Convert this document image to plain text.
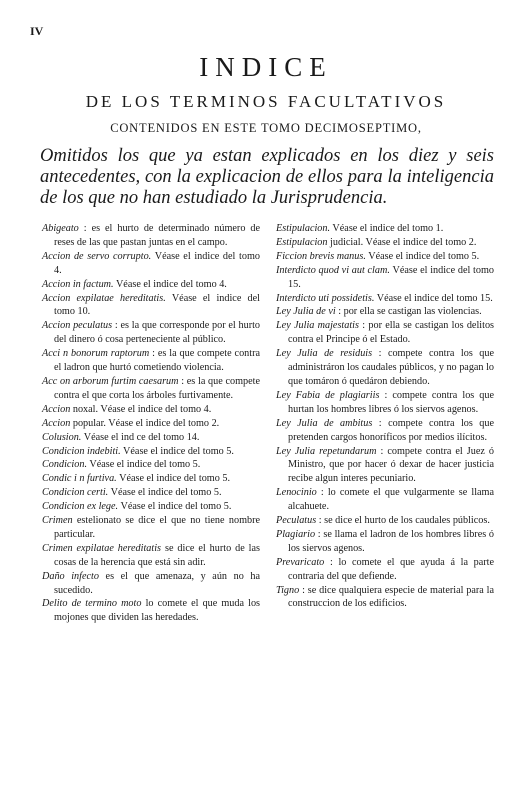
IV
INDICE
DE LOS TERMINOS FACULTATIVOS
CONTENIDOS EN ESTE TOMO DECIMOSEPTIMO,
Omitidos los que ya estan explicados en los diez y seis antecedentes, con la explicacion de ellos para la inteligencia de los que no han estudiado la Jurisprudencia.

Abigeato : es el hurto de determinado número de reses de las que pastan juntas en el campo.

Accion de servo corrupto. Véase el indice del tomo 4.

Accion in factum. Véase el indice del tomo 4.

Accion expilatae hereditatis. Véase el indice del tomo 10.

Accion peculatus : es la que corresponde por el hurto del dinero ó cosa perteneciente al público.

Acci n bonorum raptorum : es la que compete contra el ladron que hurtó cometiendo violencia.

Acc on arborum furtim caesarum : es la que compete contra el que corta los árboles furtivamente.

Accion noxal. Véase el indice del tomo 4.

Accion popular. Véase el indice del tomo 2.

Colusion. Véase el ind ce del tomo 14.

Condicion indebiti. Véase el indice del tomo 5.

Condicion. Véase el indice del tomo 5.

Condic i n furtiva. Véase el indice del tomo 5.

Condicion certi. Véase el indice del tomo 5.

Condicion ex lege. Véase el indice del tomo 5.

Crimen estelionato se dice el que no tiene nombre particular.

Crimen expilatae hereditatis se dice el hurto de las cosas de la herencia que está sin adir.

Daño infecto es el que amenaza, y aún no ha sucedido.

Delito de termino moto lo comete el que muda los mojones que dividen las heredades.

Estipulacion. Véase el indice del tomo 1.

Estipulacion judicial. Véase el indice del tomo 2.

Ficcion brevis manus. Véase el indice del tomo 5.

Interdicto quod vi aut clam. Véase el indice del tomo 15.

Interdicto uti possidetis. Véase el indice del tomo 15.

Ley Julia de vi : por ella se castigan las violencias.

Ley Julia majestatis : por ella se castigan los delitos contra el Principe ó el Estado.

Ley Julia de residuis : compete contra los que administráron los caudales públicos, y no pagan lo que tomáron ó quedáron debiendo.

Ley Fabia de plagiariis : compete contra los que hurtan los hombres libres ó los siervos agenos.

Ley Julia de ambitus : compete contra los que pretenden cargos honoríficos por medios ilícitos.

Ley Julia repetundarum : compete contra el Juez ó Ministro, que por hacer ó dexar de hacer justicia recibe algun interes pecuniario.

Lenocinio : lo comete el que vulgarmente se llama alcahuete.

Peculatus : se dice el hurto de los caudales públicos.

Plagiario : se llama el ladron de los hombres libres ó los siervos agenos.

Prevaricato : lo comete el que ayuda á la parte contraria del que defiende.

Tigno : se dice qualquiera especie de material para la construccion de los edificios.
